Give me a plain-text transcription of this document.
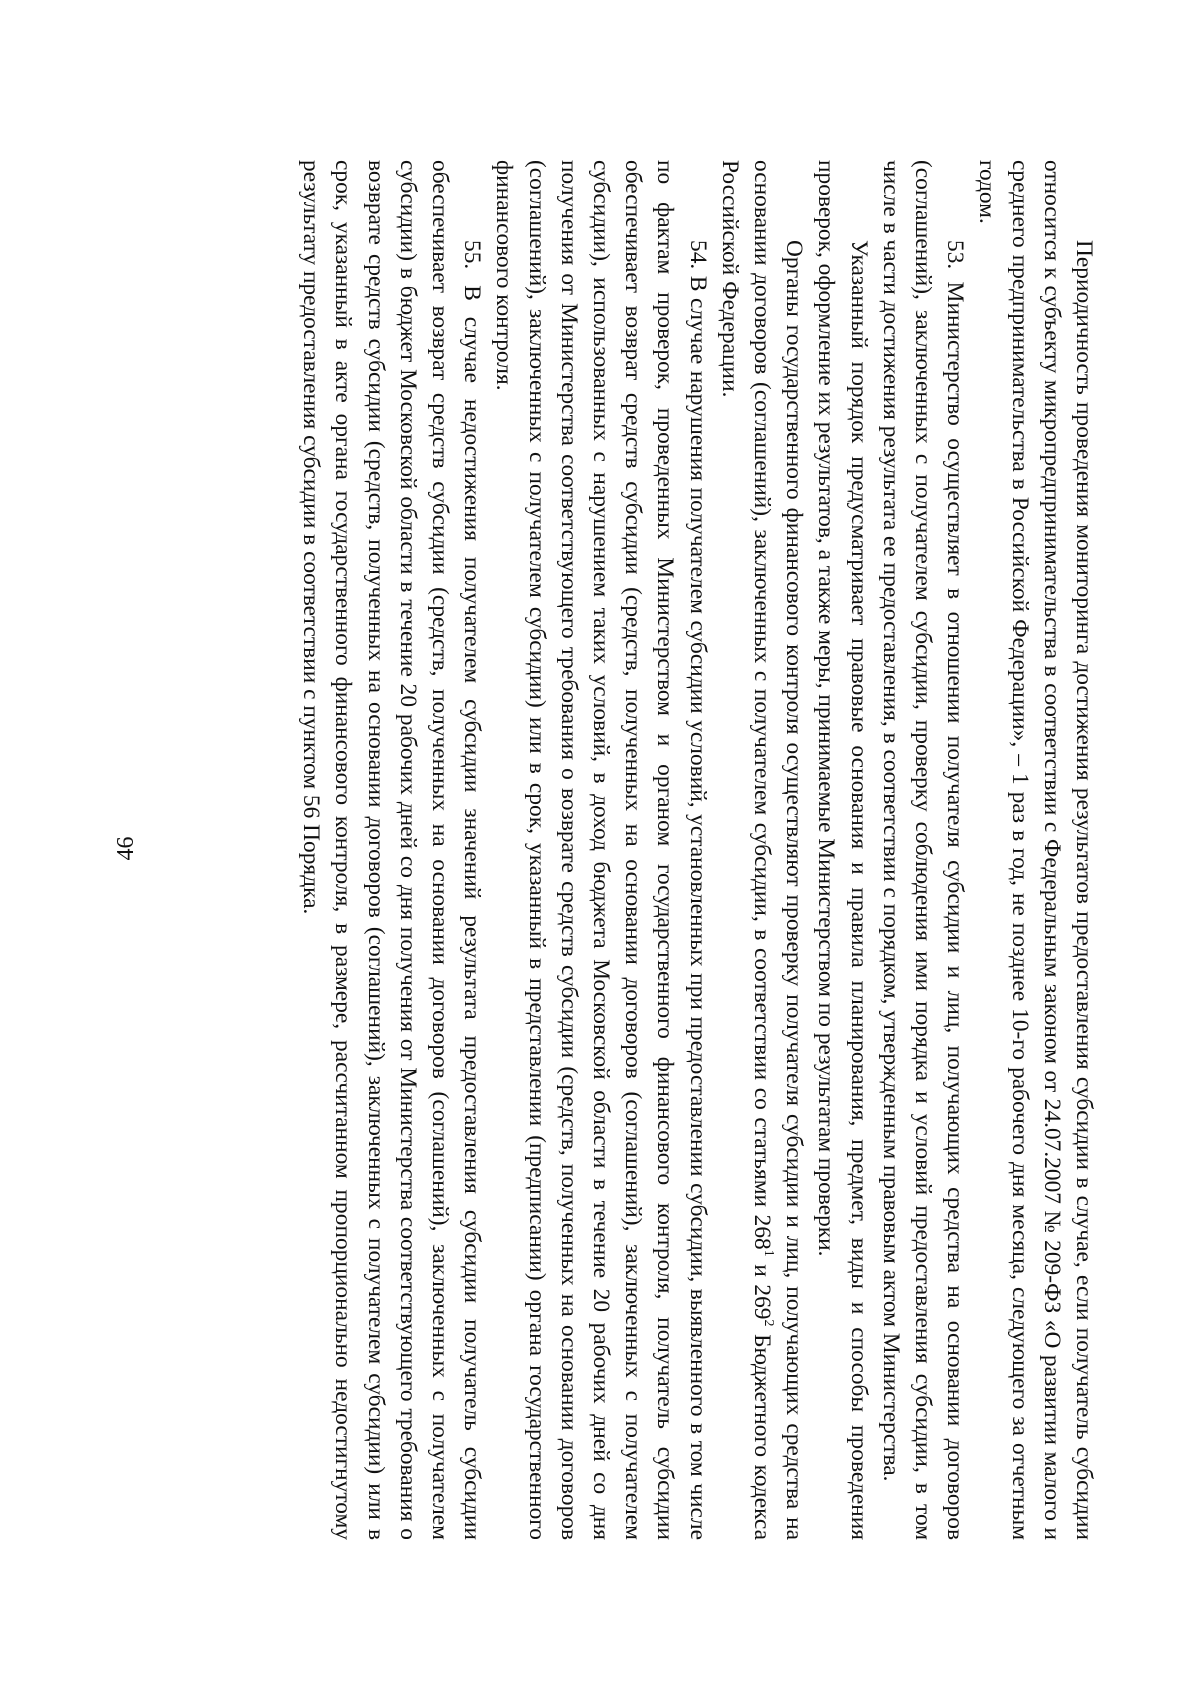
Периодичность проведения мониторинга достижения результатов предоставления субсидии в случае, если получатель субсидии относится к субъекту микропредпринимательства в соответствии с Федеральным законом от 24.07.2007 № 209-ФЗ «О развитии малого и среднего предпринимательства в Российской Федерации», – 1 раз в год, не позднее 10-го рабочего дня месяца, следующего за отчетным годом.

53. Министерство осуществляет в отношении получателя субсидии и лиц, получающих средства на основании договоров (соглашений), заключенных с получателем субсидии, проверку соблюдения ими порядка и условий предоставления субсидии, в том числе в части достижения результата ее предоставления, в соответствии с порядком, утвержденным правовым актом Министерства.

Указанный порядок предусматривает правовые основания и правила планирования, предмет, виды и способы проведения проверок, оформление их результатов, а также меры, принимаемые Министерством по результатам проверки.

Органы государственного финансового контроля осуществляют проверку получателя субсидии и лиц, получающих средства на основании договоров (соглашений), заключенных с получателем субсидии, в соответствии со статьями $268^1$ и $269^2$ Бюджетного кодекса Российской Федерации.

54. В случае нарушения получателем субсидии условий, установленных при предоставлении субсидии, выявленного в том числе по фактам проверок, проведенных Министерством и органом государственного финансового контроля, получатель субсидии обеспечивает возврат средств субсидии (средств, полученных на основании договоров (соглашений), заключенных с получателем субсидии), использованных с нарушением таких условий, в доход бюджета Московской области в течение 20 рабочих дней со дня получения от Министерства соответствующего требования о возврате средств субсидии (средств, полученных на основании договоров (соглашений), заключенных с получателем субсидии) или в срок, указанный в представлении (предписании) органа государственного финансового контроля.

55. В случае недостижения получателем субсидии значений результата предоставления субсидии получатель субсидии обеспечивает возврат средств субсидии (средств, полученных на основании договоров (соглашений), заключенных с получателем субсидии) в бюджет Московской области в течение 20 рабочих дней со дня получения от Министерства соответствующего требования о возврате средств субсидии (средств, полученных на основании договоров (соглашений), заключенных с получателем субсидии) или в срок, указанный в акте органа государственного финансового контроля, в размере, рассчитанном пропорционально недостигнутому результату предоставления субсидии в соответствии с пунктом 56 Порядка.

46
